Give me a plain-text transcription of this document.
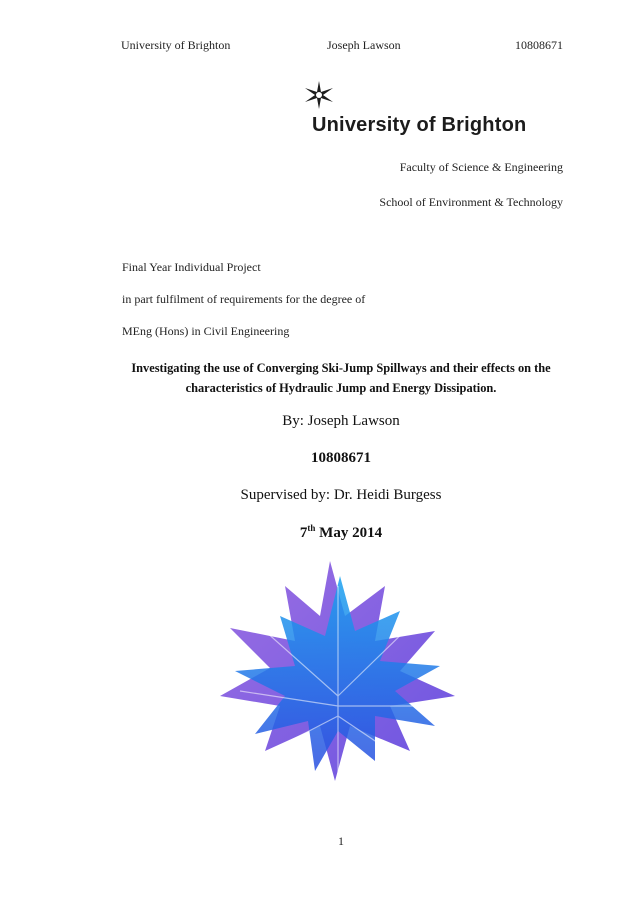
University of Brighton	Joseph Lawson	10808671
University of Brighton
Faculty of Science & Engineering
School of Environment & Technology
Final Year Individual Project
in part fulfilment of requirements for the degree of
MEng (Hons) in Civil Engineering
Investigating the use of Converging Ski-Jump Spillways and their effects on the characteristics of Hydraulic Jump and Energy Dissipation.
By: Joseph Lawson
10808671
Supervised by: Dr. Heidi Burgess
7th May 2014
1
